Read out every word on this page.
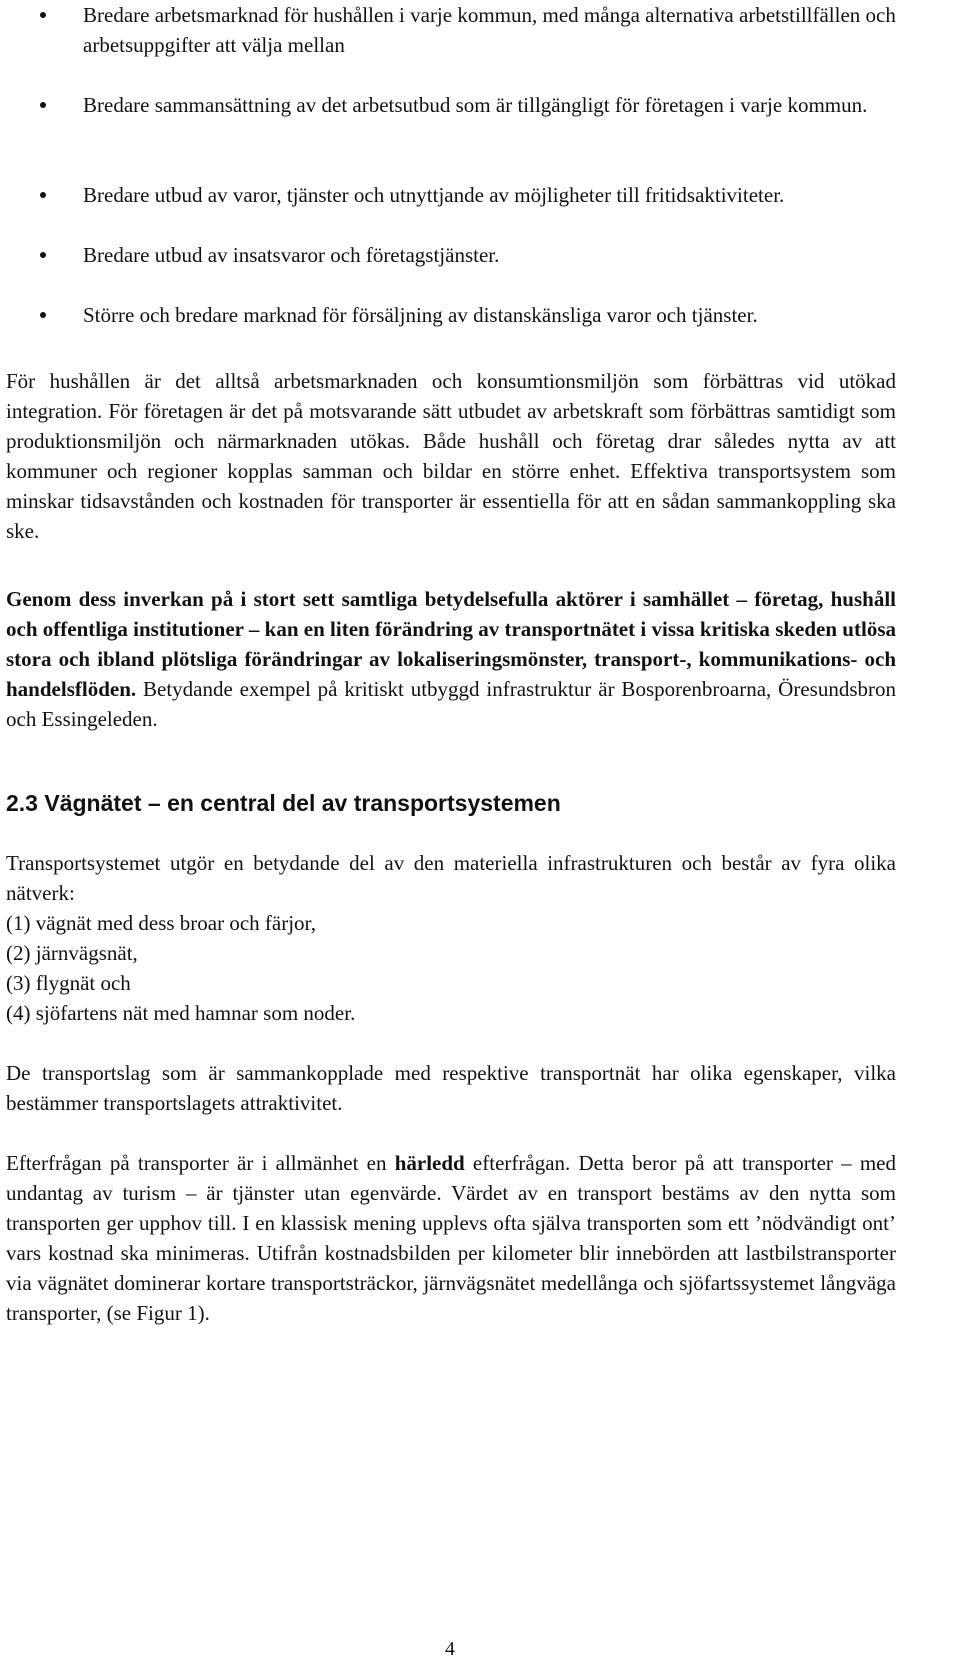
Bredare arbetsmarknad för hushållen i varje kommun, med många alternativa arbetstillfällen och arbetsuppgifter att välja mellan
Bredare sammansättning av det arbetsutbud som är tillgängligt för företagen i varje kommun.
Bredare utbud av varor, tjänster och utnyttjande av möjligheter till fritidsaktiviteter.
Bredare utbud av insatsvaror och företagstjänster.
Större och bredare marknad för försäljning av distanskänsliga varor och tjänster.

För hushållen är det alltså arbetsmarknaden och konsumtionsmiljön som förbättras vid utökad integration. För företagen är det på motsvarande sätt utbudet av arbetskraft som förbättras samtidigt som produktionsmiljön och närmarknaden utökas. Både hushåll och företag drar således nytta av att kommuner och regioner kopplas samman och bildar en större enhet. Effektiva transportsystem som minskar tidsavstånden och kostnaden för transporter är essentiella för att en sådan sammankoppling ska ske.

Genom dess inverkan på i stort sett samtliga betydelsefulla aktörer i samhället – företag, hushåll och offentliga institutioner – kan en liten förändring av transportnätet i vissa kritiska skeden utlösa stora och ibland plötsliga förändringar av lokaliseringsmönster, transport-, kommunikations- och handelsflöden. Betydande exempel på kritiskt utbyggd infrastruktur är Bosporenbroarna, Öresundsbron och Essingeleden.

2.3 Vägnätet – en central del av transportsystemen

Transportsystemet utgör en betydande del av den materiella infrastrukturen och består av fyra olika nätverk:
(1) vägnät med dess broar och färjor,
(2) järnvägsnät,
(3) flygnät och
(4) sjöfartens nät med hamnar som noder.

De transportslag som är sammankopplade med respektive transportnät har olika egenskaper, vilka bestämmer transportslagets attraktivitet.

Efterfrågan på transporter är i allmänhet en härledd efterfrågan. Detta beror på att transporter – med undantag av turism – är tjänster utan egenvärde. Värdet av en transport bestäms av den nytta som transporten ger upphov till. I en klassisk mening upplevs ofta själva transporten som ett ’nödvändigt ont’ vars kostnad ska minimeras. Utifrån kostnadsbilden per kilometer blir innebörden att lastbilstransporter via vägnätet dominerar kortare transportsträckor, järnvägsnätet medellånga och sjöfartssystemet långväga transporter, (se Figur 1).

4
